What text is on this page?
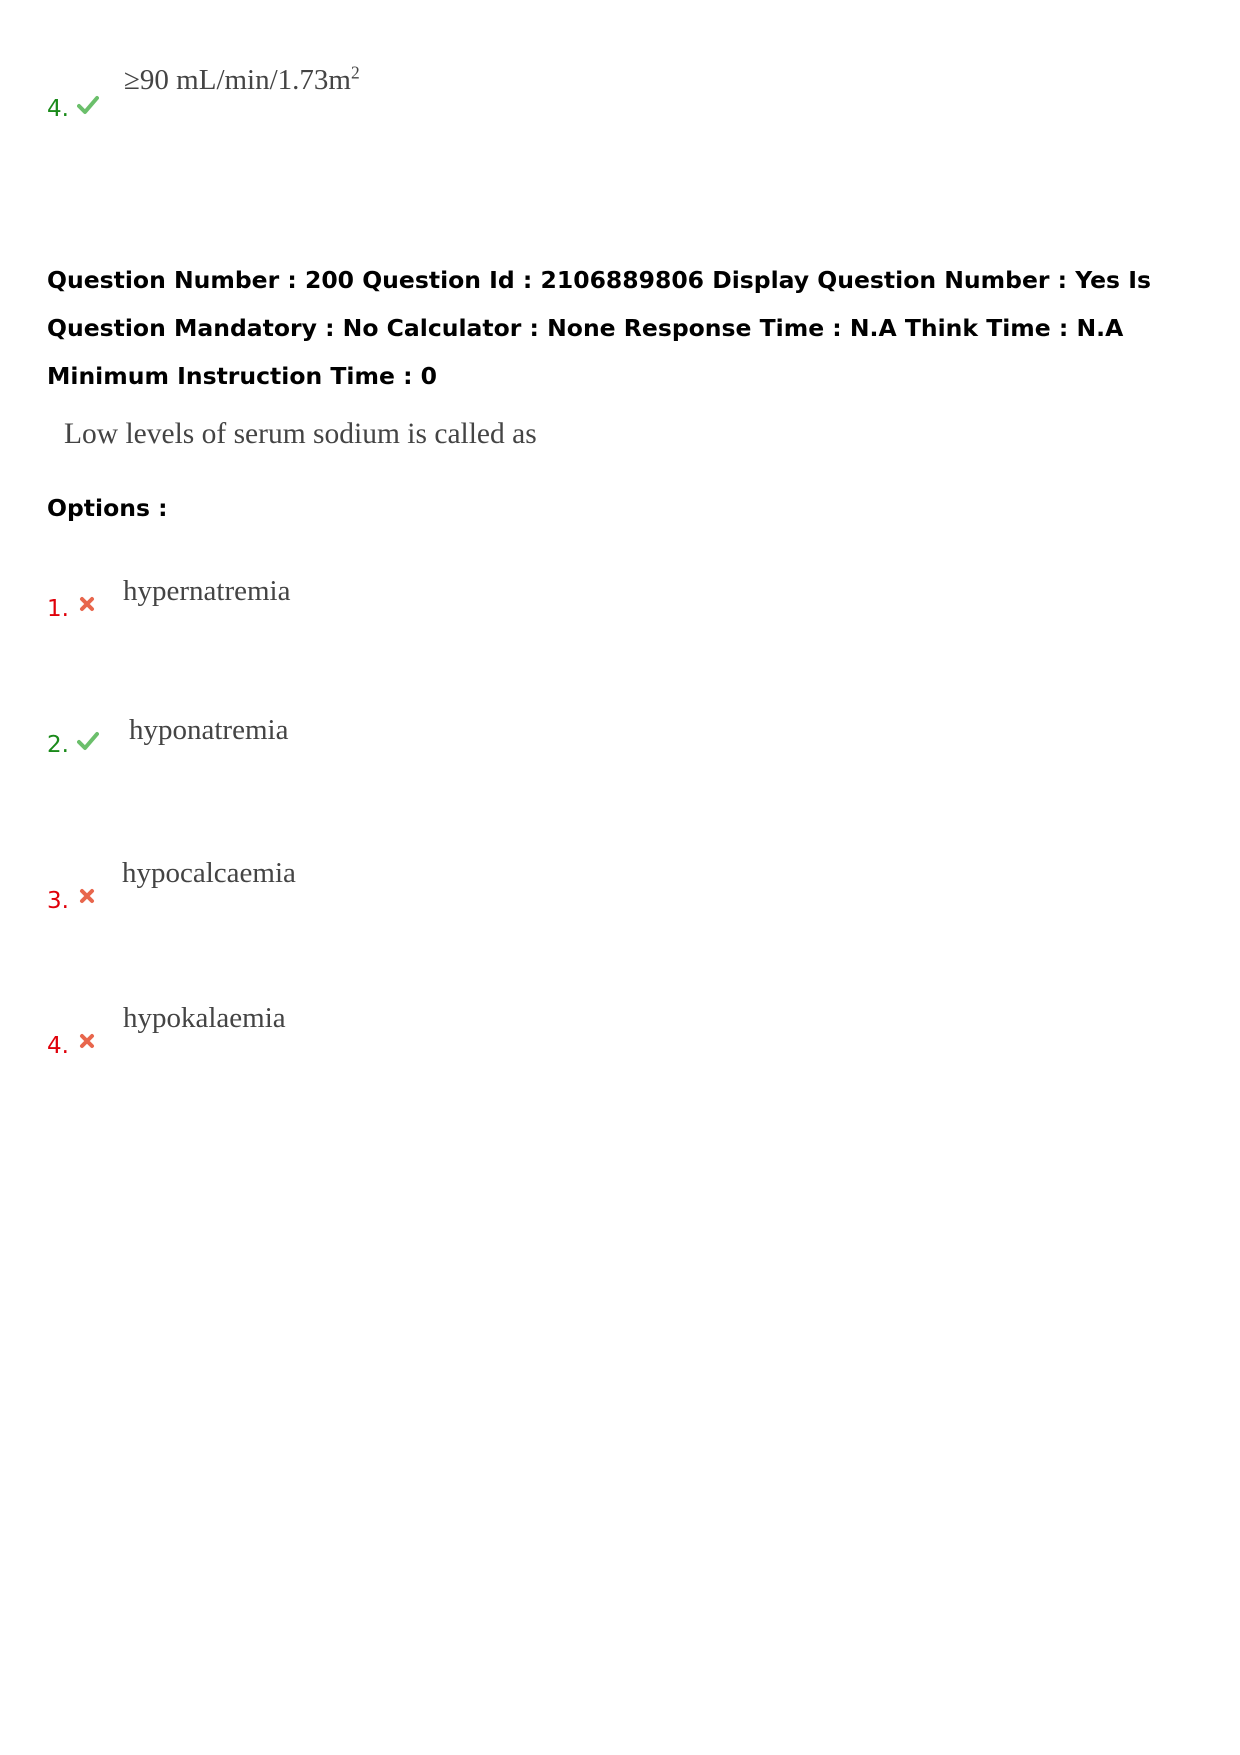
4.
≥90 $mL/\min/1.73m^2$
Question Number : 200 Question Id : 2106889806 Display Question Number : Yes Is Question Mandatory : No Calculator : None Response Time : N.A Think Time : N.A Minimum Instruction Time : 0
Low levels of serum sodium is called as
Options :
1.
hypernatremia
2. hyponatremia
3.
hypocalcaemia
4.
hypokalaemia
